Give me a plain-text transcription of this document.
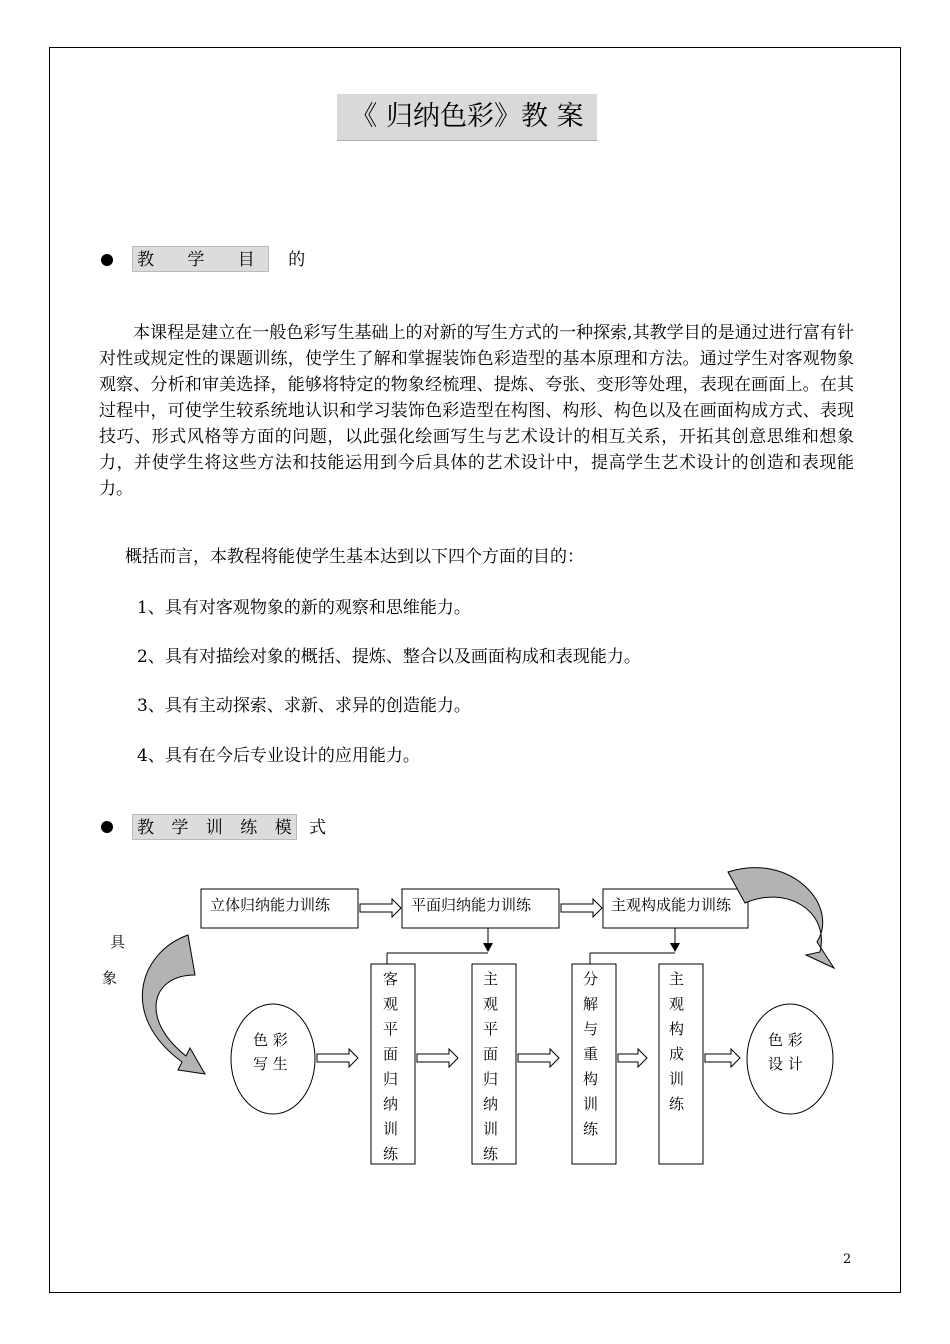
《 归纳色彩》教 案
教 学 目 的

本课程是建立在一般色彩写生基础上的对新的写生方式的一种探索,其教学目的是通过进行富有针对性或规定性的课题训练，使学生了解和掌握装饰色彩造型的基本原理和方法。通过学生对客观物象观察、分析和审美选择，能够将特定的物象经梳理、提炼、夸张、变形等处理，表现在画面上。在其过程中，可使学生较系统地认识和学习装饰色彩造型在构图、构形、构色以及在画面构成方式、表现技巧、形式风格等方面的问题，以此强化绘画写生与艺术设计的相互关系，开拓其创意思维和想象力，并使学生将这些方法和技能运用到今后具体的艺术设计中，提高学生艺术设计的创造和表现能力。

概括而言，本教程将能使学生基本达到以下四个方面的目的：

1、具有对客观物象的新的观察和思维能力。

2、具有对描绘对象的概括、提炼、整合以及画面构成和表现能力。

3、具有主动探索、求新、求异的创造能力。

4、具有在今后专业设计的应用能力。

教 学 训 练 模 式
立体归纳能力训练	平面归纳能力训练	主观构成能力训练
具
象
色 彩
写 生
色 彩
设 计
客
观
平
面
归
纳
训
练
主
观
平
面
归
纳
训
练
分
解
与
重
构
训
练
主
观
构
成
训
练
2
